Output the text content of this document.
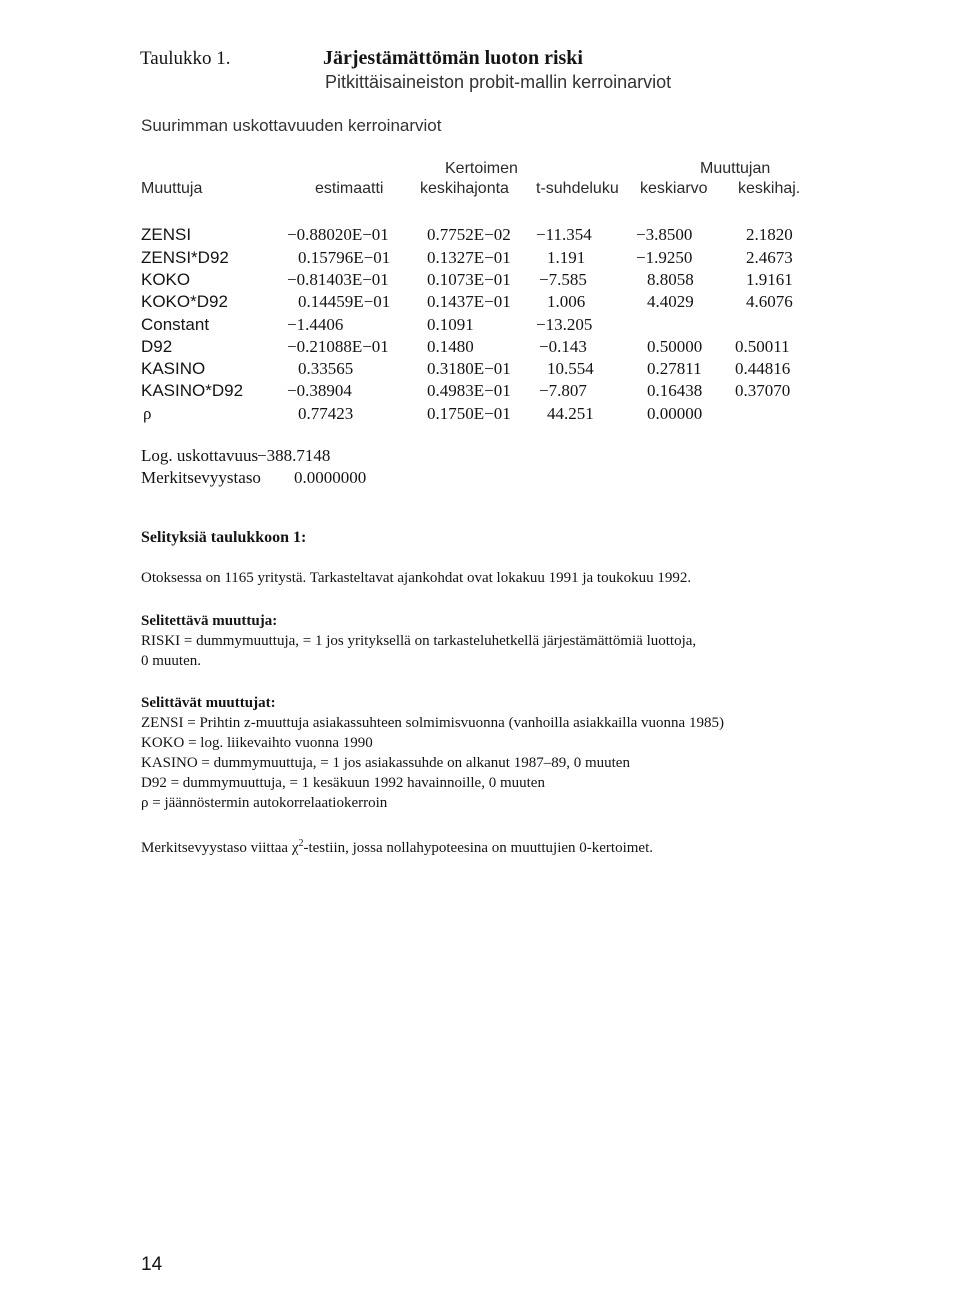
Taulukko 1.	Järjestämättömän luoton riski
Pitkittäisaineiston probit-mallin kerroinarviot
Suurimman uskottavuuden kerroinarviot
Kertoimen	Muuttujan
Muuttuja	estimaatti keskihajonta t-suhdeluku keskiarvo keskihaj.
ZENSI	−0.88020E−01 0.7752E−02 −11.354	−3.8500	2.1820
ZENSI*D92	0.15796E−01 0.1327E−01 1.191	−1.9250	2.4673
KOKO	−0.81403E−01 0.1073E−01 −7.585	8.8058	1.9161
KOKO*D92	0.14459E−01 0.1437E−01 1.006	4.4029	4.6076
Constant	−1.4406	0.1091	−13.205
D92	−0.21088E−01 0.1480	−0.143	0.50000 0.50011
KASINO	0.33565	0.3180E−01 10.554	0.27811 0.44816
KASINO*D92	−0.38904	0.4983E−01 −7.807	0.16438 0.37070
ρ	0.77423	0.1750E−01 44.251	0.00000
Log. uskottavuus
−388.7148
Merkitsevyystaso 0.0000000
Selityksiä taulukkoon 1:
Otoksessa on 1165 yritystä. Tarkasteltavat ajankohdat ovat lokakuu 1991 ja toukokuu 1992.
Selitettävä muuttuja:
RISKI = dummymuuttuja, = 1 jos yrityksellä on tarkasteluhetkellä järjestämättömiä luottoja,
0 muuten.
Selittävät muuttujat:
ZENSI = Prihtin z-muuttuja asiakassuhteen solmimisvuonna (vanhoilla asiakkailla vuonna 1985)
KOKO = log. liikevaihto vuonna 1990
KASINO = dummymuuttuja, = 1 jos asiakassuhde on alkanut 1987–89, 0 muuten
D92 = dummymuuttuja, = 1 kesäkuun 1992 havainnoille, 0 muuten
ρ = jäännöstermin autokorrelaatiokerroin
Merkitsevyystaso viittaa $\chi^2$-testiin, jossa nollahypoteesina on muuttujien 0-kertoimet.
14
